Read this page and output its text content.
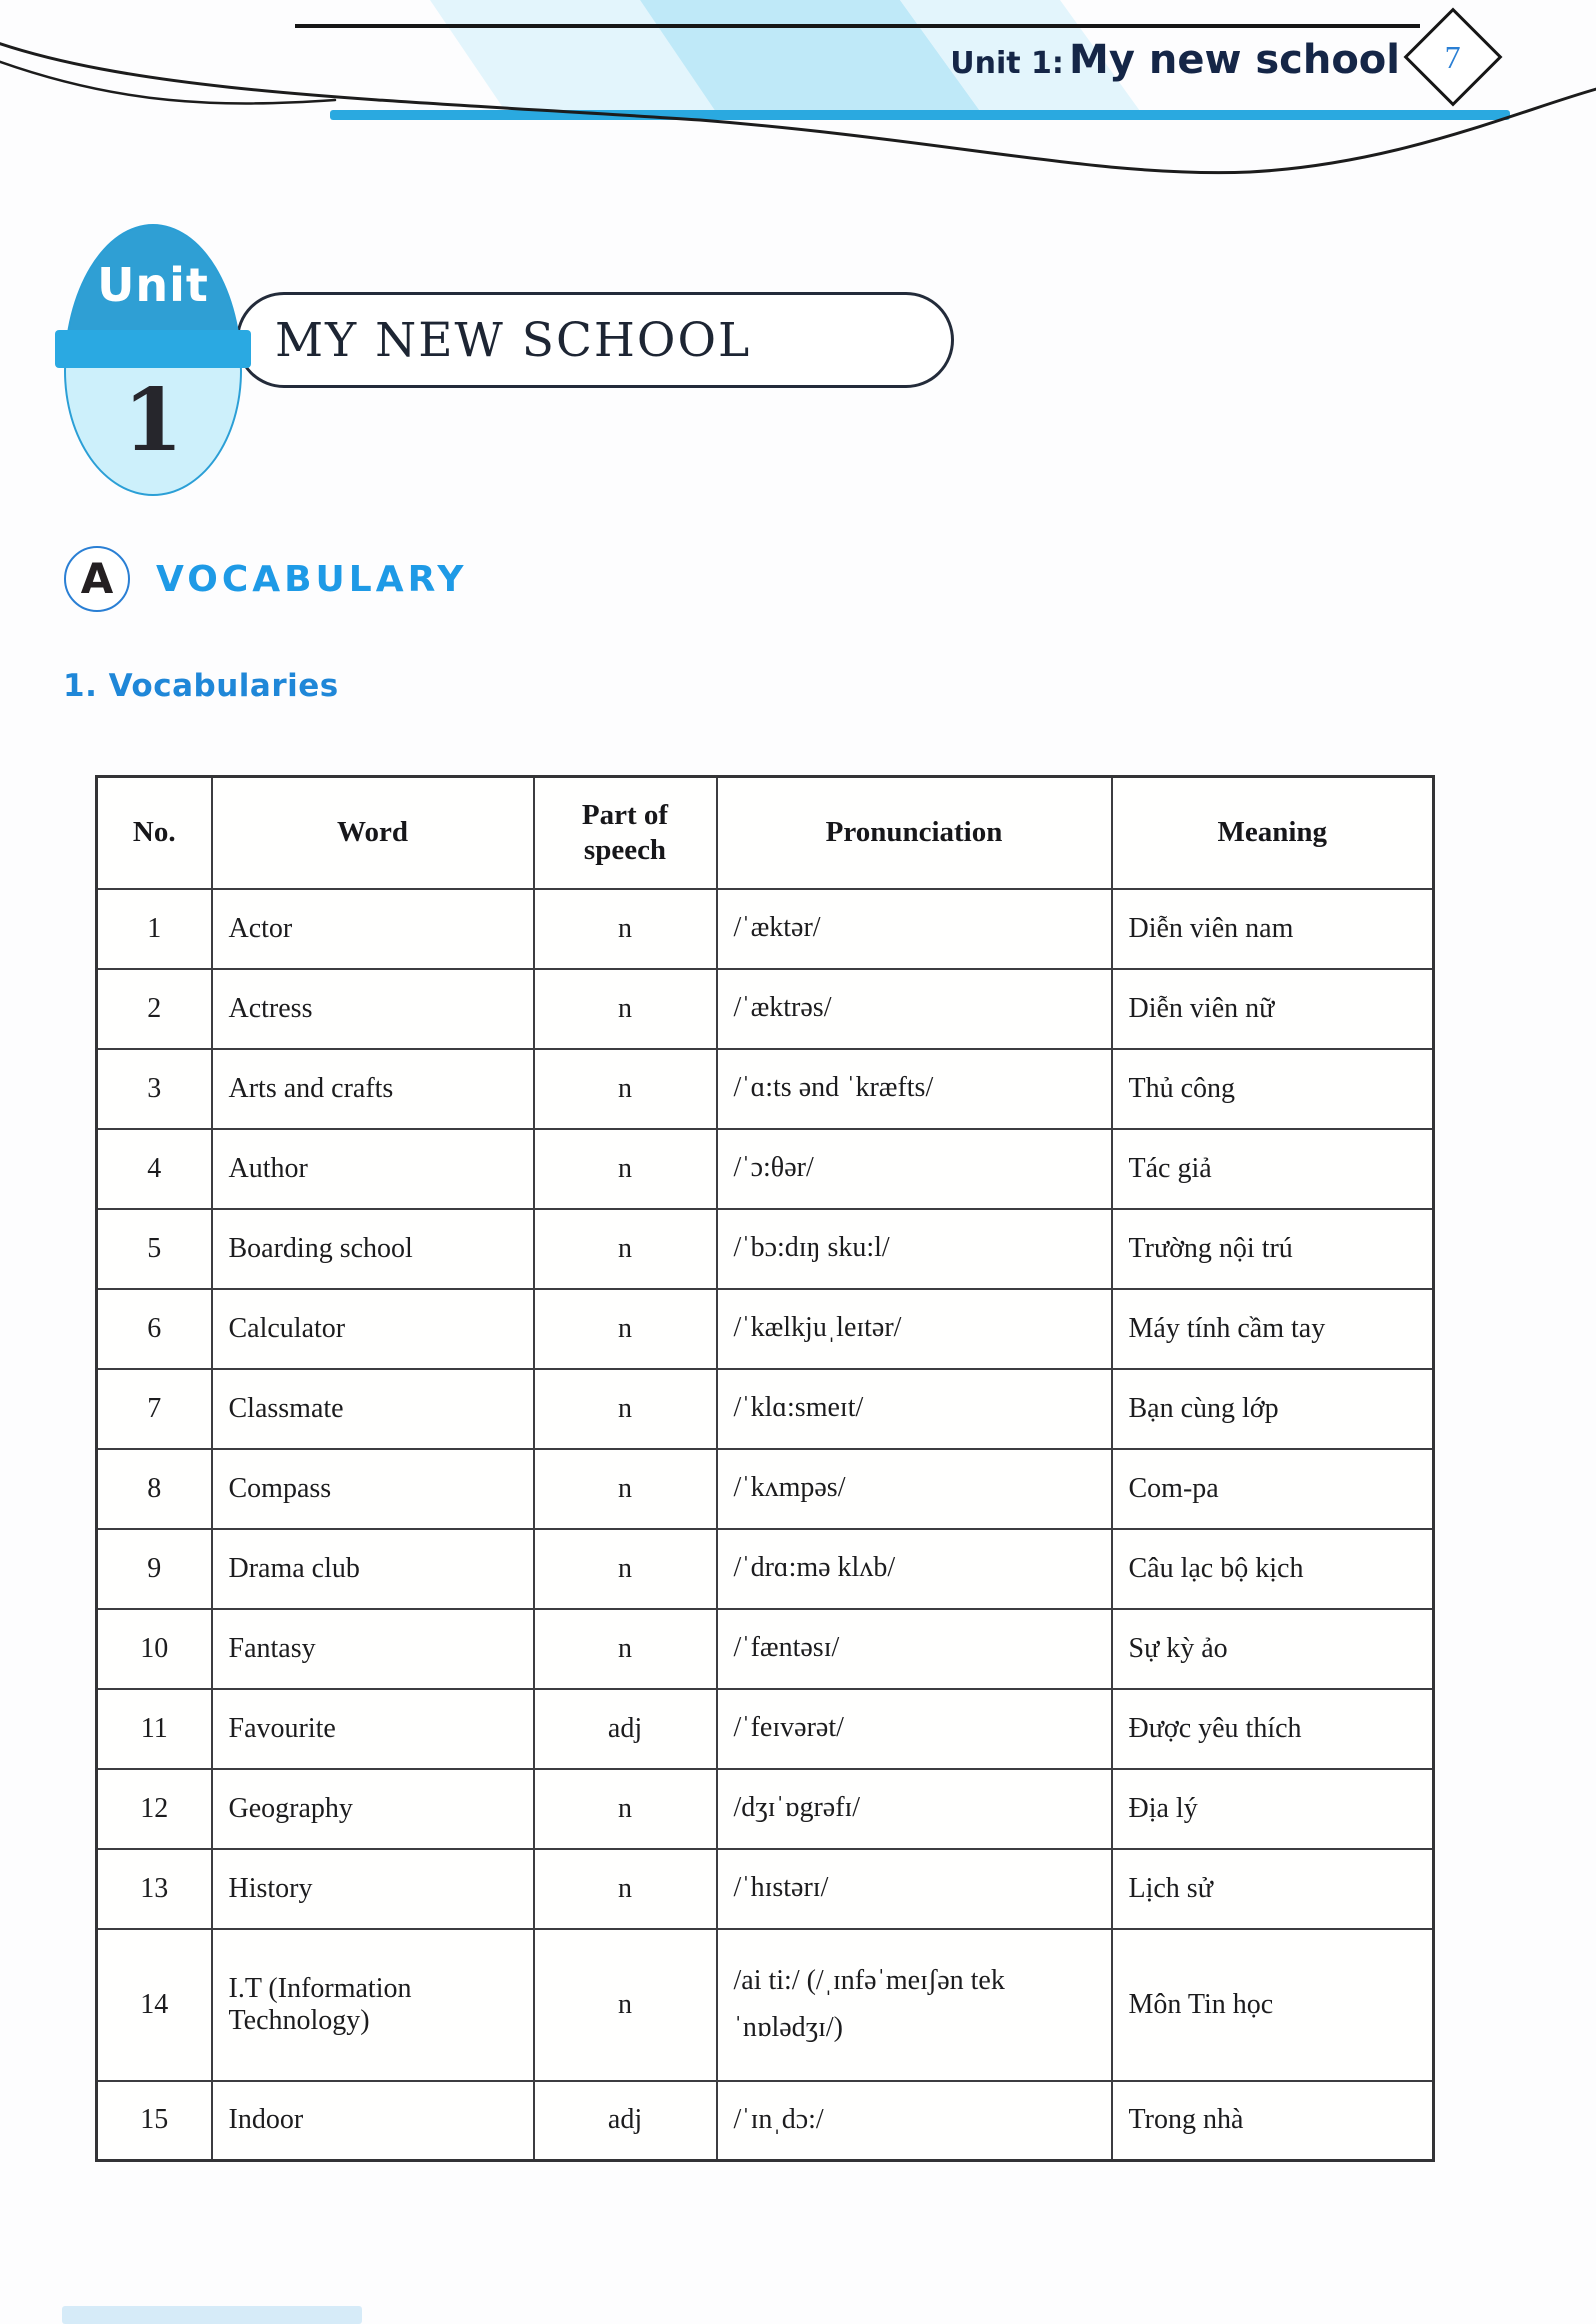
Unit 1: My new school 7
Unit
1
MY NEW SCHOOL
A VOCABULARY
1. Vocabularies
No.	Word	Part of speech	Pronunciation	Meaning
1	Actor	n	/ˈæktər/	Diễn viên nam
2	Actress	n	/ˈæktrəs/	Diễn viên nữ
3	Arts and crafts	n	/ˈɑ:ts ənd ˈkræfts/	Thủ công
4	Author	n	/ˈɔ:θər/	Tác giả
5	Boarding school	n	/ˈbɔ:dɪŋ sku:l/	Trường nội trú
6	Calculator	n	/ˈkælkjuˌleɪtər/	Máy tính cầm tay
7	Classmate	n	/ˈklɑ:smeɪt/	Bạn cùng lớp
8	Compass	n	/ˈkʌmpəs/	Com-pa
9	Drama club	n	/ˈdrɑ:mə klʌb/	Câu lạc bộ kịch
10	Fantasy	n	/ˈfæntəsɪ/	Sự kỳ ảo
11	Favourite	adj	/ˈfeɪvərət/	Được yêu thích
12	Geography	n	/dʒɪˈɒgrəfɪ/	Địa lý
13	History	n	/ˈhɪstərɪ/	Lịch sử
14	I.T (Information Technology)	n	/ai ti:/ (/ˌɪnfəˈmeɪʃən tekˈnɒlədʒɪ/)	Môn Tin học
15	Indoor	adj	/ˈɪnˌdɔ:/	Trong nhà
